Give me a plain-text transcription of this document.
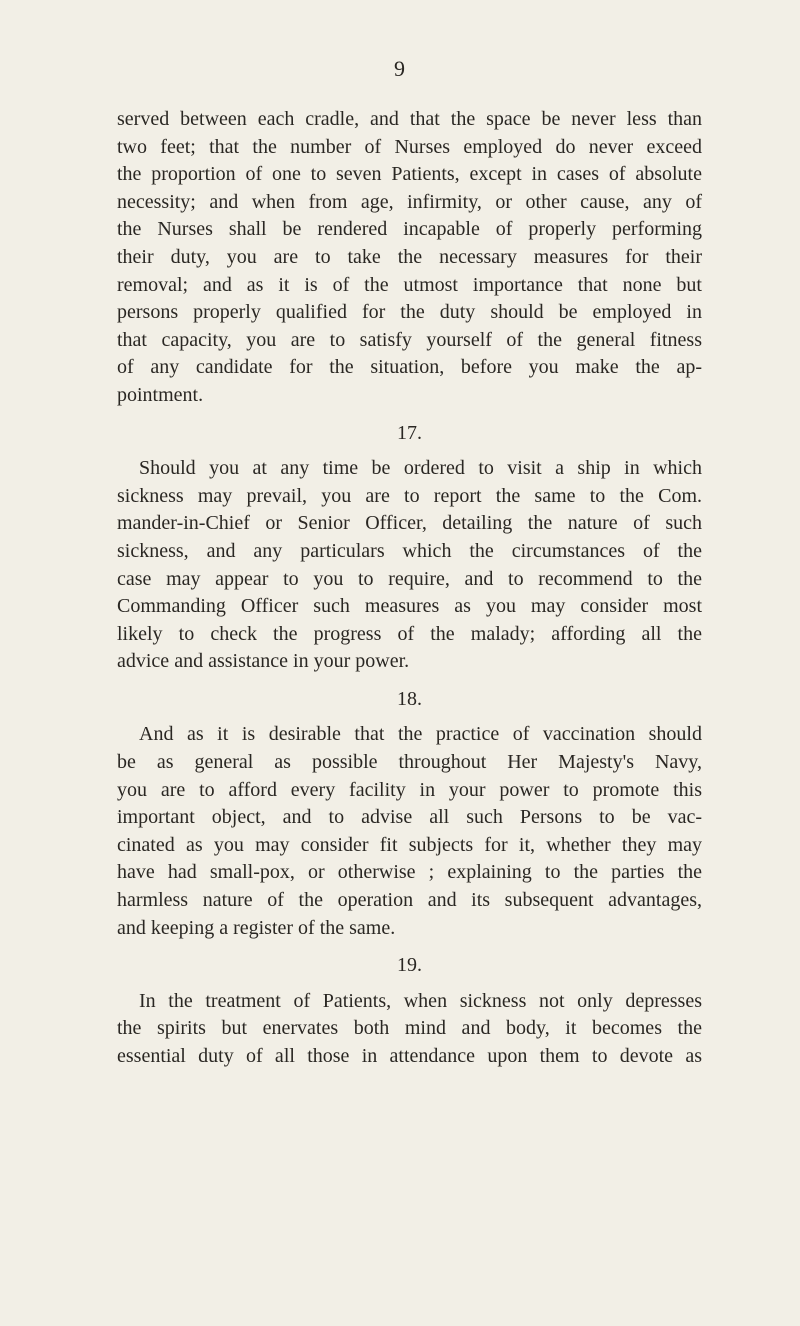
9
served between each cradle, and that the space be never less than
two feet; that the number of Nurses employed do never exceed
the proportion of one to seven Patients, except in cases of absolute
necessity; and when from age, infirmity, or other cause, any of
the Nurses shall be rendered incapable of properly performing
their duty, you are to take the necessary measures for their
removal; and as it is of the utmost importance that none but
persons properly qualified for the duty should be employed in
that capacity, you are to satisfy yourself of the general fitness
of any candidate for the situation, before you make the ap-
pointment.
17.
Should you at any time be ordered to visit a ship in which
sickness may prevail, you are to report the same to the Com.
mander-in-Chief or Senior Officer, detailing the nature of such
sickness, and any particulars which the circumstances of the
case may appear to you to require, and to recommend to the
Commanding Officer such measures as you may consider most
likely to check the progress of the malady; affording all the
advice and assistance in your power.
18.
And as it is desirable that the practice of vaccination should
be as general as possible throughout Her Majesty's Navy,
you are to afford every facility in your power to promote this
important object, and to advise all such Persons to be vac-
cinated as you may consider fit subjects for it, whether they may
have had small-pox, or otherwise ; explaining to the parties the
harmless nature of the operation and its subsequent advantages,
and keeping a register of the same.
19.
In the treatment of Patients, when sickness not only depresses
the spirits but enervates both mind and body, it becomes the
essential duty of all those in attendance upon them to devote as
